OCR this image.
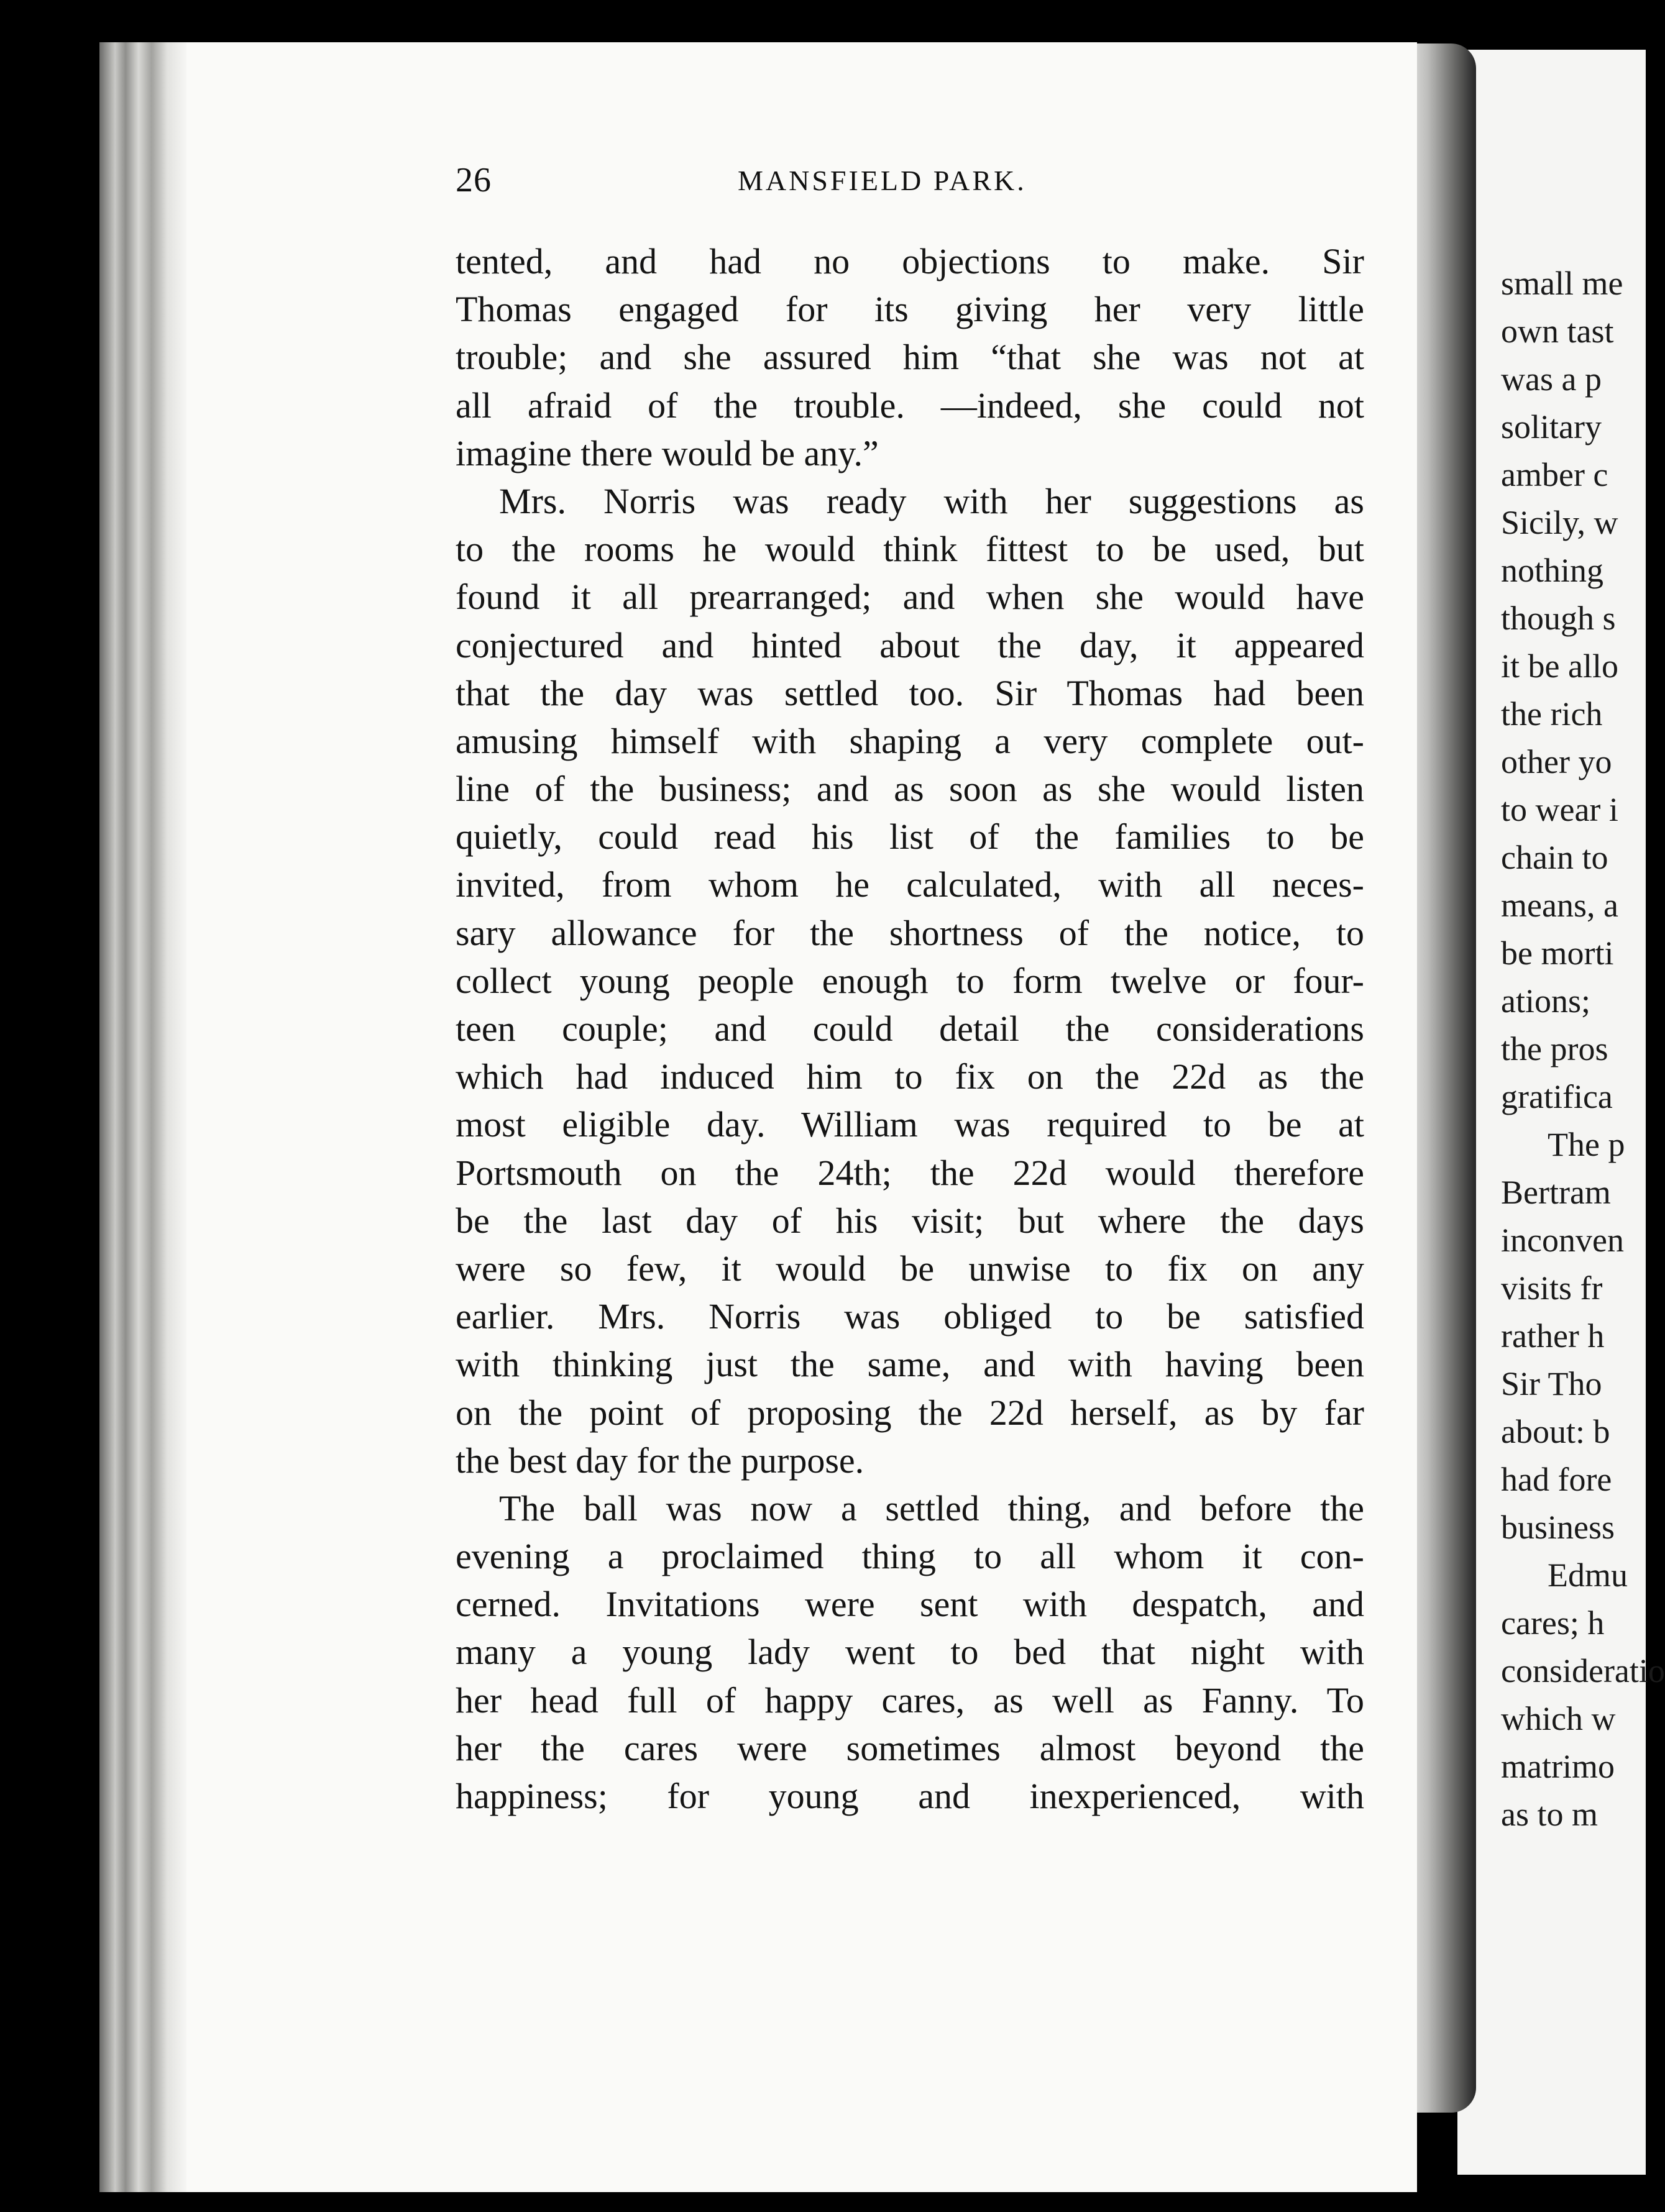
26	MANSFIELD PARK.
tented, and had no objections to make. Sir
Thomas engaged for its giving her very little
trouble; and she assured him “that she was not at
all afraid of the trouble. —indeed, she could not
imagine there would be any.”
Mrs. Norris was ready with her suggestions as
to the rooms he would think fittest to be used, but
found it all prearranged; and when she would have
conjectured and hinted about the day, it appeared
that the day was settled too. Sir Thomas had been
amusing himself with shaping a very complete out-
line of the business; and as soon as she would listen
quietly, could read his list of the families to be
invited, from whom he calculated, with all neces-
sary allowance for the shortness of the notice, to
collect young people enough to form twelve or four-
teen couple; and could detail the considerations
which had induced him to fix on the 22d as the
most eligible day. William was required to be at
Portsmouth on the 24th; the 22d would therefore
be the last day of his visit; but where the days
were so few, it would be unwise to fix on any
earlier. Mrs. Norris was obliged to be satisfied
with thinking just the same, and with having been
on the point of proposing the 22d herself, as by far
the best day for the purpose.
The ball was now a settled thing, and before the
evening a proclaimed thing to all whom it con-
cerned. Invitations were sent with despatch, and
many a young lady went to bed that night with
her head full of happy cares, as well as Fanny. To
her the cares were sometimes almost beyond the
happiness; for young and inexperienced, with
small me
own tast
was a p
solitary
amber c
Sicily, w
nothing
though s
it be allo
the rich
other yo
to wear i
chain to
means, a
be morti
ations;
the pros
gratifica
The p
Bertram
inconven
visits fr
rather h
Sir Tho
about: b
had fore
business
Edmu
cares; h
consideratio
which w
matrimo
as to m
